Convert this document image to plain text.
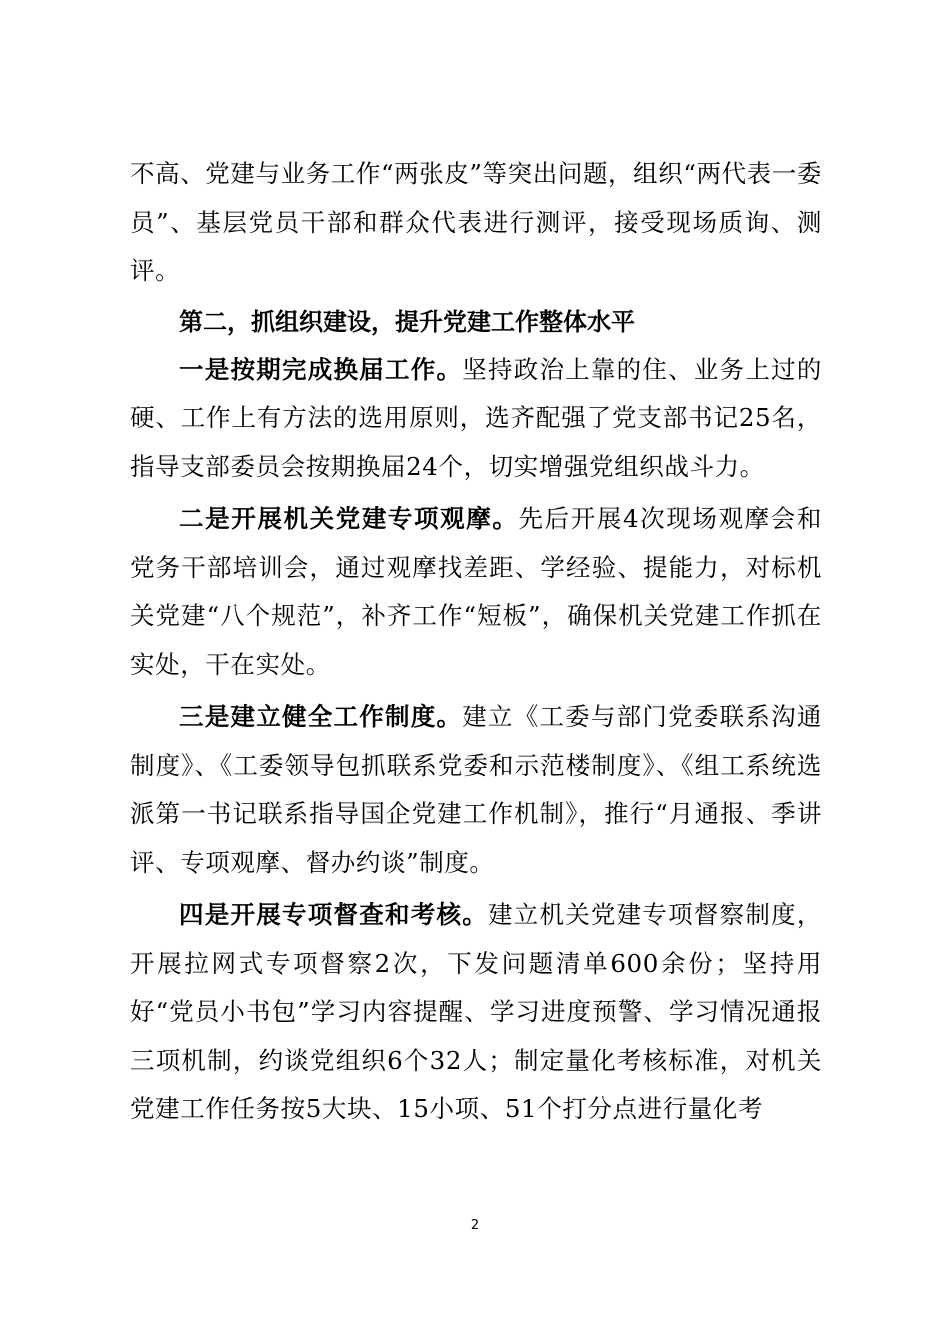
不高、党建与业务工作“两张皮”等突出问题，组织“两代表一委员”、基层党员干部和群众代表进行测评，接受现场质询、测评。

第二，抓组织建设，提升党建工作整体水平

一是按期完成换届工作。坚持政治上靠的住、业务上过的硬、工作上有方法的选用原则，选齐配强了党支部书记25名，指导支部委员会按期换届24个，切实增强党组织战斗力。

二是开展机关党建专项观摩。先后开展4次现场观摩会和党务干部培训会，通过观摩找差距、学经验、提能力，对标机关党建“八个规范”，补齐工作“短板”，确保机关党建工作抓在实处，干在实处。

三是建立健全工作制度。建立《工委与部门党委联系沟通制度》、《工委领导包抓联系党委和示范楼制度》、《组工系统选派第一书记联系指导国企党建工作机制》，推行“月通报、季讲评、专项观摩、督办约谈”制度。

四是开展专项督查和考核。建立机关党建专项督察制度，开展拉网式专项督察2次，下发问题清单600余份；坚持用好“党员小书包”学习内容提醒、学习进度预警、学习情况通报三项机制，约谈党组织6个32人；制定量化考核标准，对机关党建工作任务按5大块、15小项、51个打分点进行量化考

2
